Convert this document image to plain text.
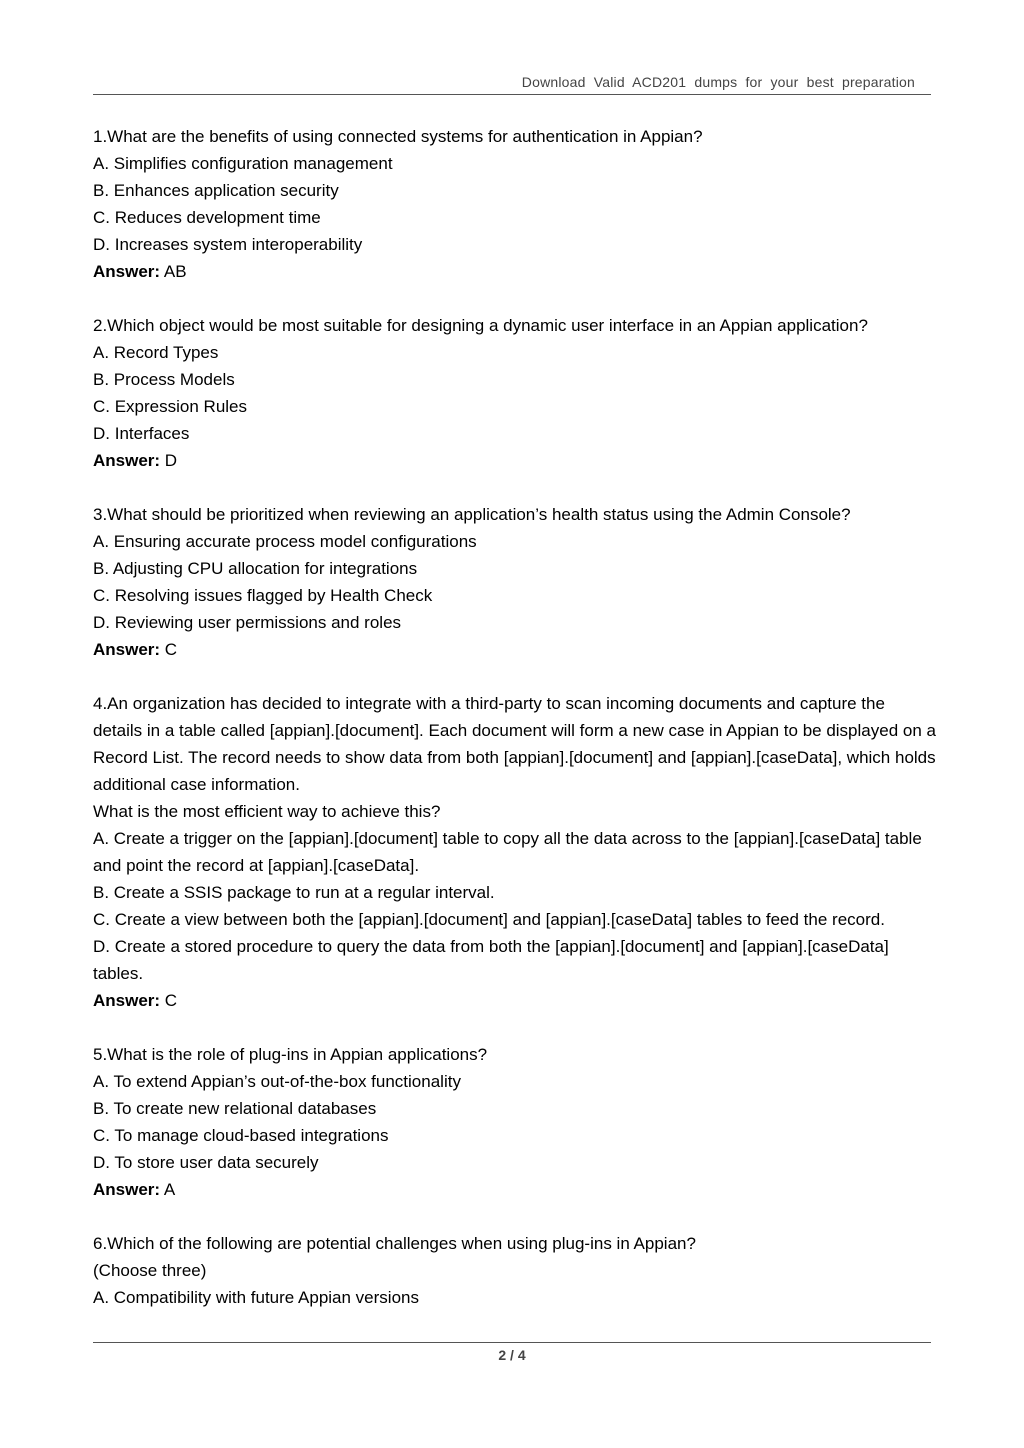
Download Valid ACD201 dumps for your best preparation
1.What are the benefits of using connected systems for authentication in Appian?
A. Simplifies configuration management
B. Enhances application security
C. Reduces development time
D. Increases system interoperability
Answer: AB
2.Which object would be most suitable for designing a dynamic user interface in an Appian application?
A. Record Types
B. Process Models
C. Expression Rules
D. Interfaces
Answer: D
3.What should be prioritized when reviewing an application’s health status using the Admin Console?
A. Ensuring accurate process model configurations
B. Adjusting CPU allocation for integrations
C. Resolving issues flagged by Health Check
D. Reviewing user permissions and roles
Answer: C
4.An organization has decided to integrate with a third-party to scan incoming documents and capture the details in a table called [appian].[document]. Each document will form a new case in Appian to be displayed on a Record List. The record needs to show data from both [appian].[document] and [appian].[caseData], which holds additional case information.
What is the most efficient way to achieve this?
A. Create a trigger on the [appian].[document] table to copy all the data across to the [appian].[caseData] table and point the record at [appian].[caseData].
B. Create a SSIS package to run at a regular interval.
C. Create a view between both the [appian].[document] and [appian].[caseData] tables to feed the record.
D. Create a stored procedure to query the data from both the [appian].[document] and [appian].[caseData] tables.
Answer: C
5.What is the role of plug-ins in Appian applications?
A. To extend Appian’s out-of-the-box functionality
B. To create new relational databases
C. To manage cloud-based integrations
D. To store user data securely
Answer: A
6.Which of the following are potential challenges when using plug-ins in Appian?
(Choose three)
A. Compatibility with future Appian versions
2 / 4
